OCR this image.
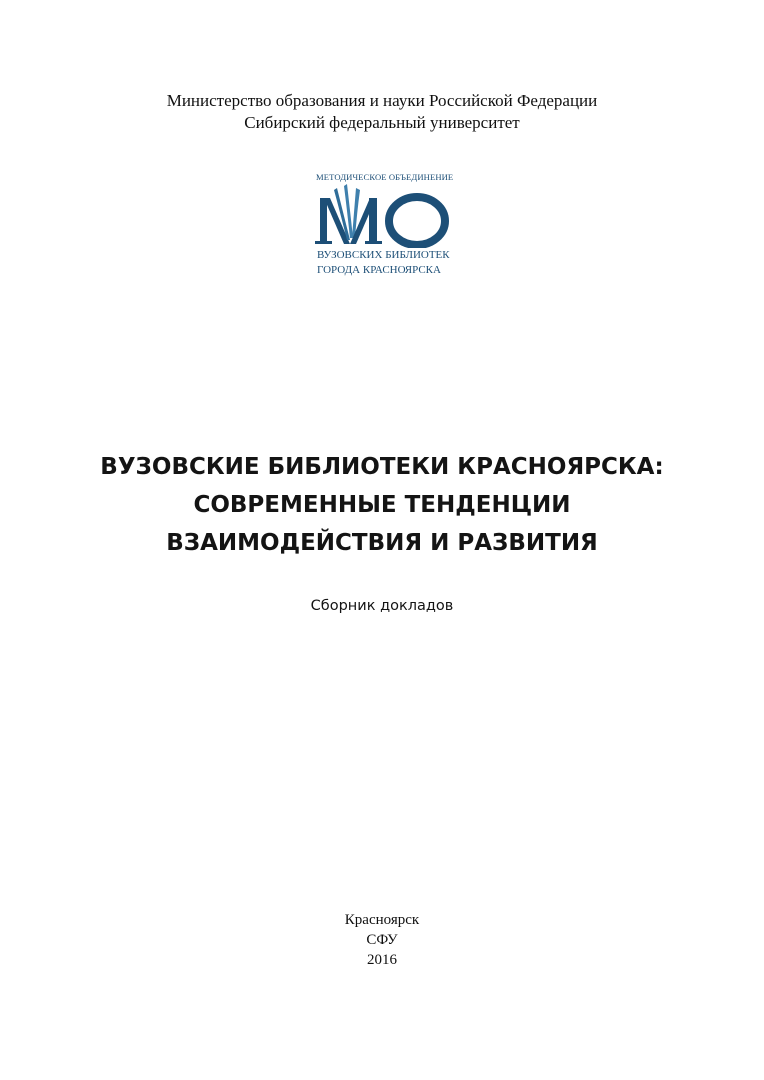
Министерство образования и науки Российской Федерации
Сибирский федеральный университет
МЕТОДИЧЕСКОЕ ОБЪЕДИНЕНИЕ
ВУЗОВСКИХ БИБЛИОТЕК
ГОРОДА КРАСНОЯРСКА
ВУЗОВСКИЕ БИБЛИОТЕКИ КРАСНОЯРСКА:
СОВРЕМЕННЫЕ ТЕНДЕНЦИИ
ВЗАИМОДЕЙСТВИЯ И РАЗВИТИЯ
Сборник докладов
Красноярск
СФУ
2016
